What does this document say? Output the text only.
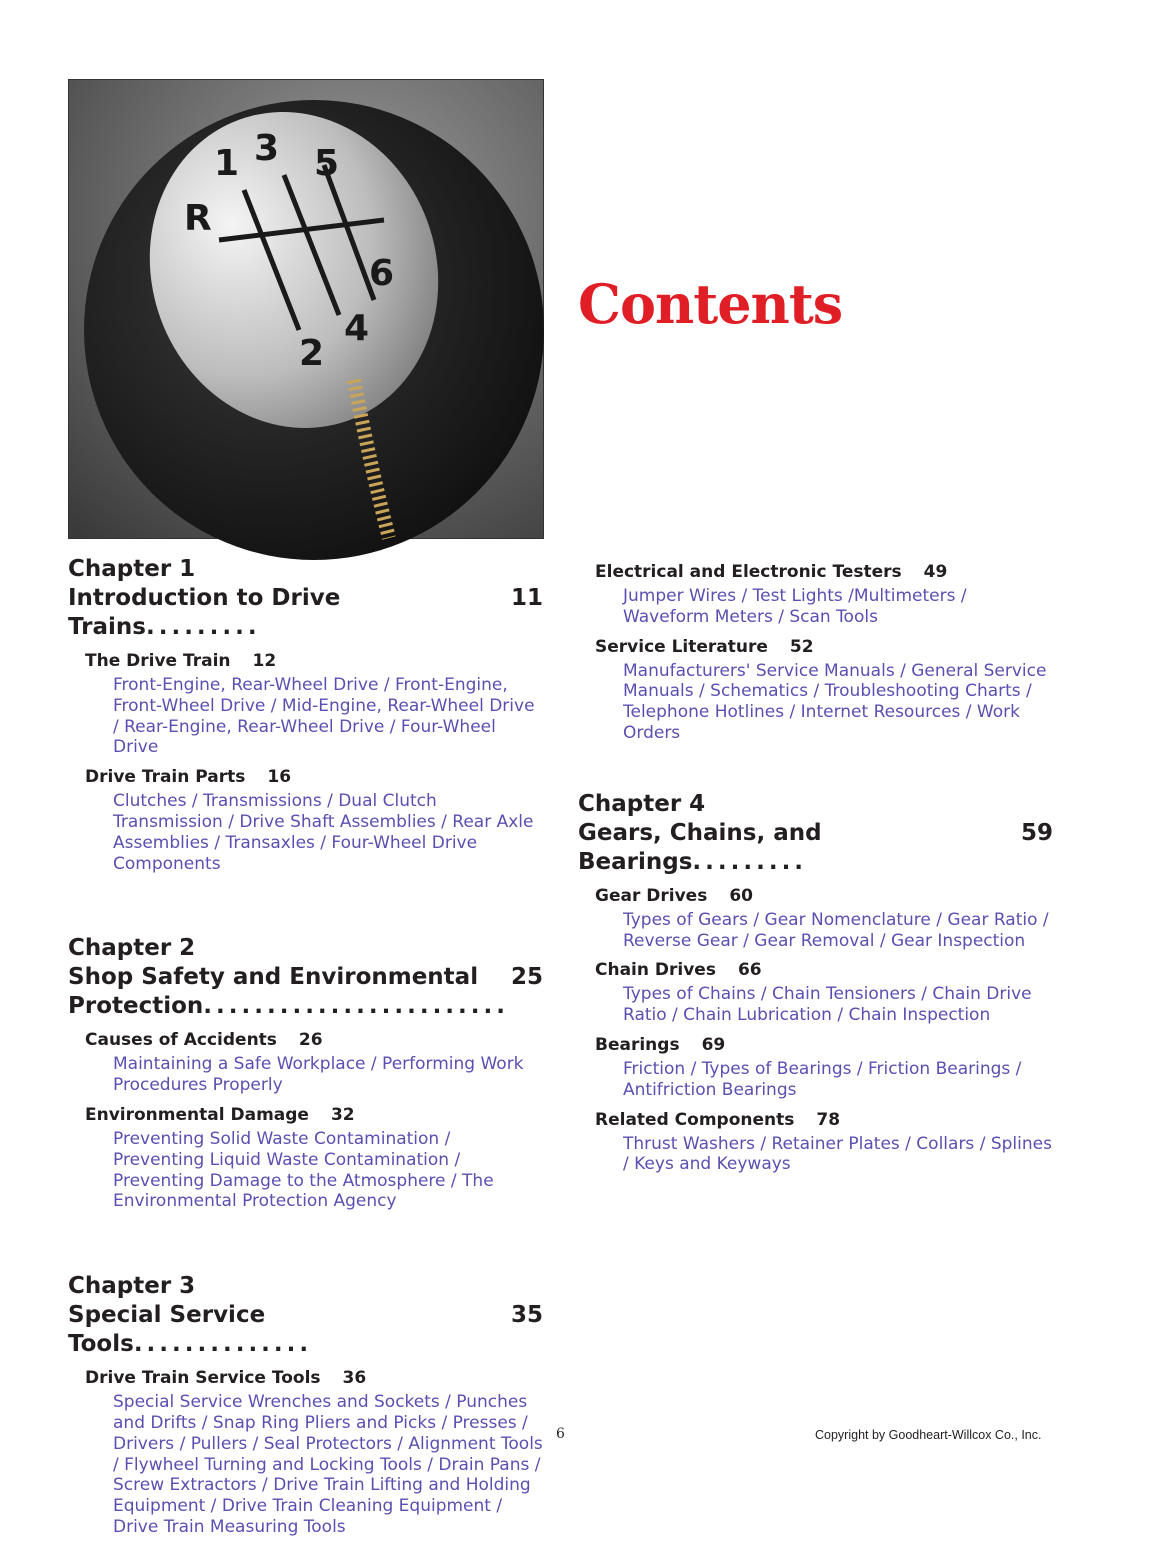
1 3 5
R
6
2
4	Contents
Chapter 1
Introduction to Drive Trains.........
11
The Drive Train 12
Front-Engine, Rear-Wheel Drive / Front-Engine, Front-Wheel Drive / Mid-Engine, Rear-Wheel Drive / Rear-Engine, Rear-Wheel Drive / Four-Wheel Drive
Drive Train Parts 16
Clutches / Transmissions / Dual Clutch Transmission / Drive Shaft Assemblies / Rear Axle Assemblies / Transaxles / Four-Wheel Drive Components
Chapter 2
Shop Safety and Environmental Protection........................
25
Causes of Accidents 26
Maintaining a Safe Workplace / Performing Work Procedures Properly
Environmental Damage 32
Preventing Solid Waste Contamination / Preventing Liquid Waste Contamination / Preventing Damage to the Atmosphere / The Environmental Protection Agency
Chapter 3
Special Service Tools..............
35
Drive Train Service Tools 36
Special Service Wrenches and Sockets / Punches and Drifts / Snap Ring Pliers and Picks / Presses / Drivers / Pullers / Seal Protectors / Alignment Tools / Flywheel Turning and Locking Tools / Drain Pans / Screw Extractors / Drive Train Lifting and Holding Equipment / Drive Train Cleaning Equipment / Drive Train Measuring Tools
Electrical and Electronic Testers 49
Jumper Wires / Test Lights /Multimeters / Waveform Meters / Scan Tools
Service Literature 52
Manufacturers' Service Manuals / General Service Manuals / Schematics / Troubleshooting Charts / Telephone Hotlines / Internet Resources / Work Orders
Chapter 4
Gears, Chains, and Bearings.........
59
Gear Drives 60
Types of Gears / Gear Nomenclature / Gear Ratio / Reverse Gear / Gear Removal / Gear Inspection
Chain Drives 66
Types of Chains / Chain Tensioners / Chain Drive Ratio / Chain Lubrication / Chain Inspection
Bearings 69
Friction / Types of Bearings / Friction Bearings / Antifriction Bearings
Related Components 78
Thrust Washers / Retainer Plates / Collars / Splines / Keys and Keyways
6	Copyright by Goodheart-Willcox Co., Inc.
